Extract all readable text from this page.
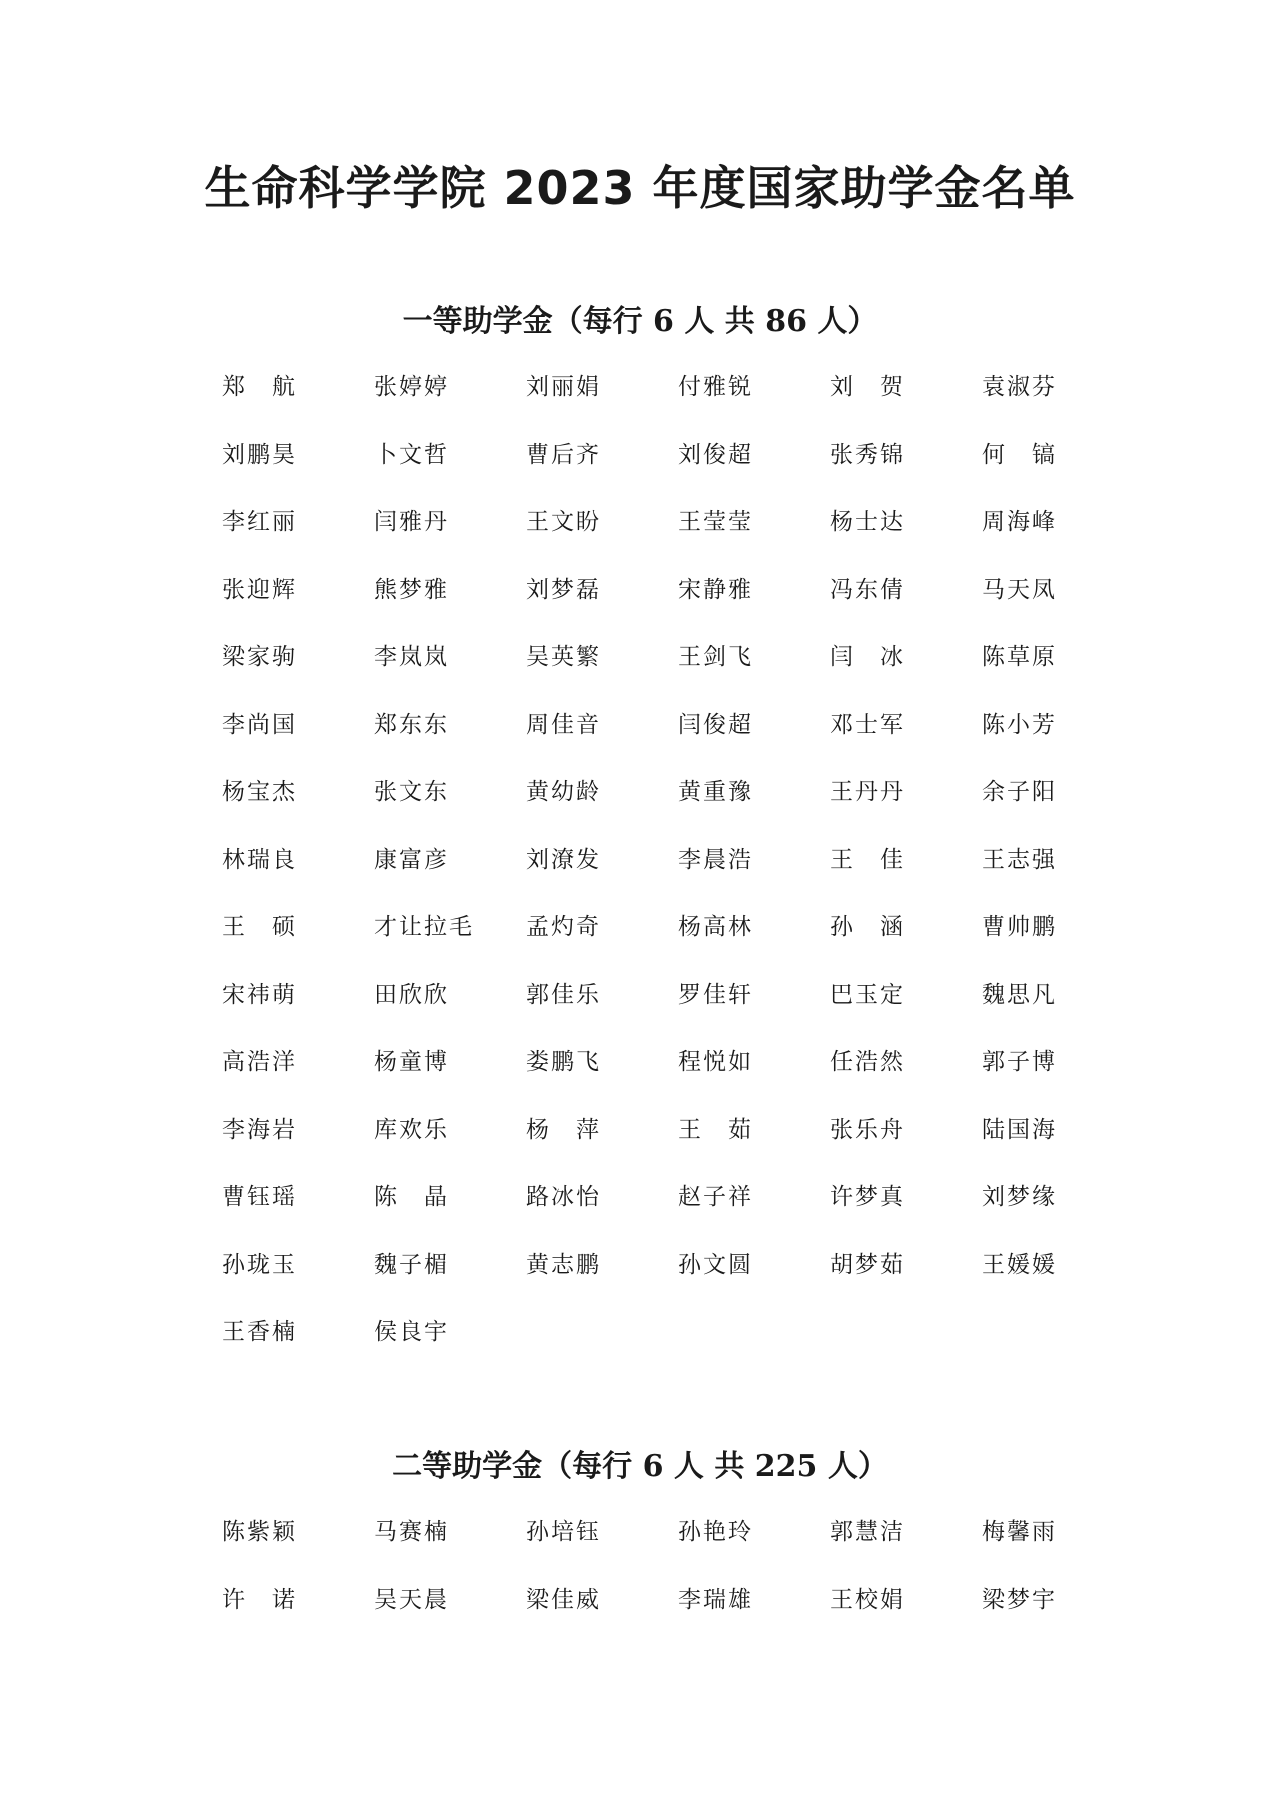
生命科学学院 2023 年度国家助学金名单
一等助学金（每行 6 人 共 86 人）
郑　航	张婷婷	刘丽娟	付雅锐	刘　贺	袁淑芬
刘鹏昊	卜文哲	曹后齐	刘俊超	张秀锦	何　镐
李红丽	闫雅丹	王文盼	王莹莹	杨士达	周海峰
张迎辉	熊梦雅	刘梦磊	宋静雅	冯东倩	马天凤
梁家驹	李岚岚	吴英繁	王剑飞	闫　冰	陈草原
李尚国	郑东东	周佳音	闫俊超	邓士军	陈小芳
杨宝杰	张文东	黄幼龄	黄重豫	王丹丹	余子阳
林瑞良	康富彦	刘潦发	李晨浩	王　佳	王志强
王　硕	才让拉毛	孟灼奇	杨高林	孙　涵	曹帅鹏
宋祎萌	田欣欣	郭佳乐	罗佳轩	巴玉定	魏思凡
高浩洋	杨童博	娄鹏飞	程悦如	任浩然	郭子博
李海岩	库欢乐	杨　萍	王　茹	张乐舟	陆国海
曹钰瑶	陈　晶	路冰怡	赵子祥	许梦真	刘梦缘
孙珑玉	魏子楣	黄志鹏	孙文圆	胡梦茹	王媛媛
王香楠	侯良宇
二等助学金（每行 6 人 共 225 人）
陈紫颖	马赛楠	孙培钰	孙艳玲	郭慧洁	梅馨雨
许　诺	吴天晨	梁佳威	李瑞雄	王校娟	梁梦宇
